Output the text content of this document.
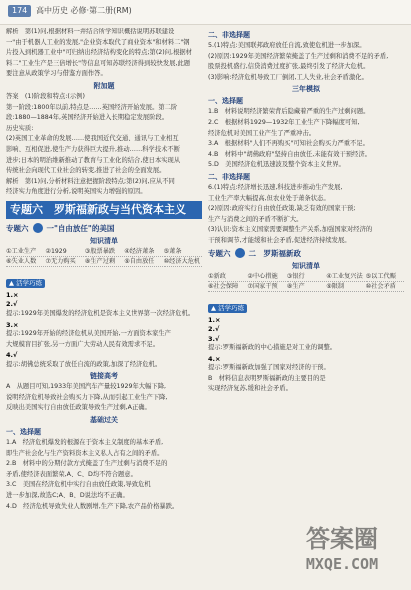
174	高中历史 必修·第二册(RM)

解析　第(1)问,根据材料一并结合所学知识概括说明苏联建设

一"由于机器人工业的发展,"企业资本取代了商业资本"和材料二"钢

片投入到机器工业中"可归纳出经济结构变化的特点;第(2)问,根据材

料二"工业生产是三倍增长"等信息可知苏联经济得到较快发展,此题

要注意从政策学习与借鉴方面作答。

附加题

答案　(1)阶段和特点:(示例)

第一阶段:1800年以前,特点是……英国经济开始发展。第二阶

段:1880—1884年,英国经济开始进入长期稳定发展阶段。

历史实质:

(2)英国工业革命的发展……使我国近代交通、通讯与工业相互

影响、互相促进,使生产力获得巨大提升,推动……科学技术不断

进步;日本的明治维新推动了教育与工业化的结合,使日本实现从

传统社会向现代工业社会的转变,推进了社会的全面发展。

解析　第(1)问,分析材料注意把握阶段特点;第(2)问,应从不同

经济实力角度进行分析,说明英国实力增强的原因。

专题六　罗斯福新政与当代资本主义
专题六 一"自由放任"的美国
知识清单
①工业生产	②1929	③股票暴跌	④经济萧条	⑤萧条
⑥失业人数	⑦无力购买	⑧生产过剩	⑨自由放任	⑩经济大危机
▲ 活学巧练

1.×

2.√

提示:1929年美国爆发的经济危机是资本主义世界第一次经济危机。

3.×

提示:1929年开始的经济危机从美国开始,一方面资本家生产

大规模盲目扩张,另一方面广大劳动人民有效需求不足。

4.√

提示:胡佛总统采取了放任自流的政策,加深了经济危机。

链接高考

A　从题目可知,1933年美国汽车产量较1929年大幅下降,

说明经济危机导致社会购买力下降,从而引起工业生产下降,

反映出美国实行自由放任政策导致生产过剩,A正确。

基础过关
一、选择题

1.A　经济危机爆发的根源在于资本主义制度的基本矛盾,

即生产社会化与生产资料资本主义私人占有之间的矛盾。

2.B　材料中的分期付款方式掩盖了生产过剩与消费不足的

矛盾,使经济表面繁荣,A、C、D均不符合题意。

3.C　美国在经济危机中实行自由放任政策,导致危机

进一步加深,故选C;A、B、D说法均不正确。

4.D　经济危机导致失业人数剧增,生产下降,农产品价格暴跌。

二、非选择题

5.(1)特点:美国联邦政府放任自流,致使危机进一步加深。

(2)原因:1929年美国经济繁荣掩盖了生产过剩和消费不足的矛盾,

股票投机盛行,信贷消费过度扩张,最终引发了经济大危机。

(3)影响:经济危机导致工厂倒闭,工人失业,社会矛盾激化。

三年模拟
一、选择题

1.B　材料说明经济繁荣背后隐藏着严重的生产过剩问题。

2.C　根据材料1929—1932年工业生产下降幅度可知,

经济危机对美国工业产生了严重冲击。

3.A　根据材料"人们不再购买"可知社会购买力严重不足。

4.B　材料中"胡佛政府"坚持自由放任,未能有效干预经济。

5.D　美国经济危机迅速波及整个资本主义世界。

二、非选择题

6.(1)特点:经济增长迅速,科技进步推动生产发展,

工业生产率大幅提高,但农业处于萧条状态。

(2)原因:政府实行自由放任政策,缺乏有效的国家干预;

生产与消费之间的矛盾不断扩大。

(3)认识:资本主义国家需要调整生产关系,加强国家对经济的

干预和调节,才能缓和社会矛盾,促进经济持续发展。

专题六 二　罗斯福新政
知识清单
①新政	②中心措施	③银行	④工业复兴法 ⑤以工代赈
⑥社会保障	⑦国家干预	⑧生产	⑨限制	⑩社会矛盾
▲ 活学巧练

1.×

2.√

3.√

提示:罗斯福新政的中心措施是对工业的调整。

4.×

提示:罗斯福新政加强了国家对经济的干预。

B　材料信息表明罗斯福新政的主要目的是

实现经济复苏,缓和社会矛盾。

答案圈
MXQE.COM
